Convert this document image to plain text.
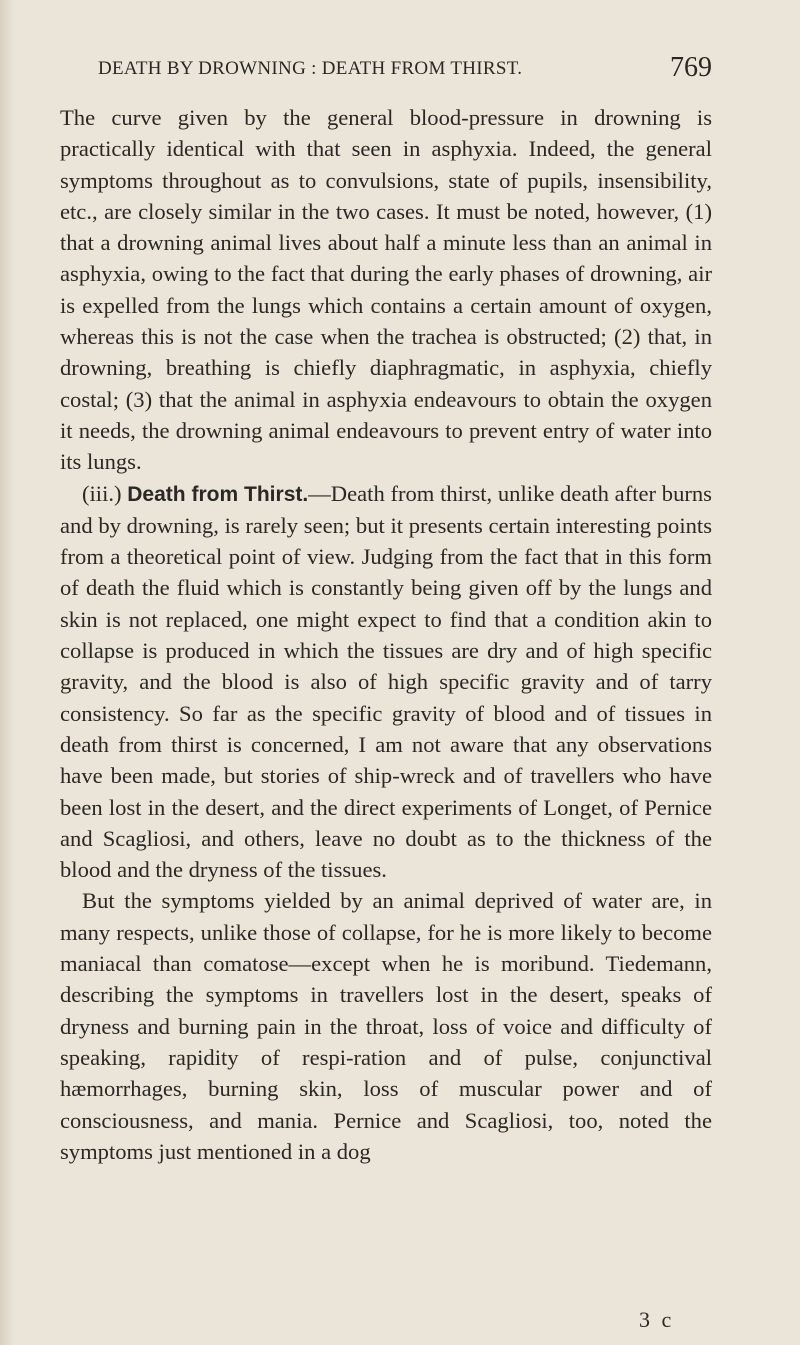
DEATH BY DROWNING : DEATH FROM THIRST.	769

The curve given by the general blood-pressure in drowning is practically identical with that seen in asphyxia. Indeed, the general symptoms throughout as to convulsions, state of pupils, insensibility, etc., are closely similar in the two cases. It must be noted, however, (1) that a drowning animal lives about half a minute less than an animal in asphyxia, owing to the fact that during the early phases of drowning, air is expelled from the lungs which contains a certain amount of oxygen, whereas this is not the case when the trachea is obstructed; (2) that, in drowning, breathing is chiefly diaphragmatic, in asphyxia, chiefly costal; (3) that the animal in asphyxia endeavours to obtain the oxygen it needs, the drowning animal endeavours to prevent entry of water into its lungs.

(iii.) Death from Thirst.—Death from thirst, unlike death after burns and by drowning, is rarely seen; but it presents certain interesting points from a theoretical point of view. Judging from the fact that in this form of death the fluid which is constantly being given off by the lungs and skin is not replaced, one might expect to find that a condition akin to collapse is produced in which the tissues are dry and of high specific gravity, and the blood is also of high specific gravity and of tarry consistency. So far as the specific gravity of blood and of tissues in death from thirst is concerned, I am not aware that any observations have been made, but stories of ship-wreck and of travellers who have been lost in the desert, and the direct experiments of Longet, of Pernice and Scagliosi, and others, leave no doubt as to the thickness of the blood and the dryness of the tissues.

But the symptoms yielded by an animal deprived of water are, in many respects, unlike those of collapse, for he is more likely to become maniacal than comatose—except when he is moribund. Tiedemann, describing the symptoms in travellers lost in the desert, speaks of dryness and burning pain in the throat, loss of voice and difficulty of speaking, rapidity of respi-ration and of pulse, conjunctival hæmorrhages, burning skin, loss of muscular power and of consciousness, and mania. Pernice and Scagliosi, too, noted the symptoms just mentioned in a dog

3 c
